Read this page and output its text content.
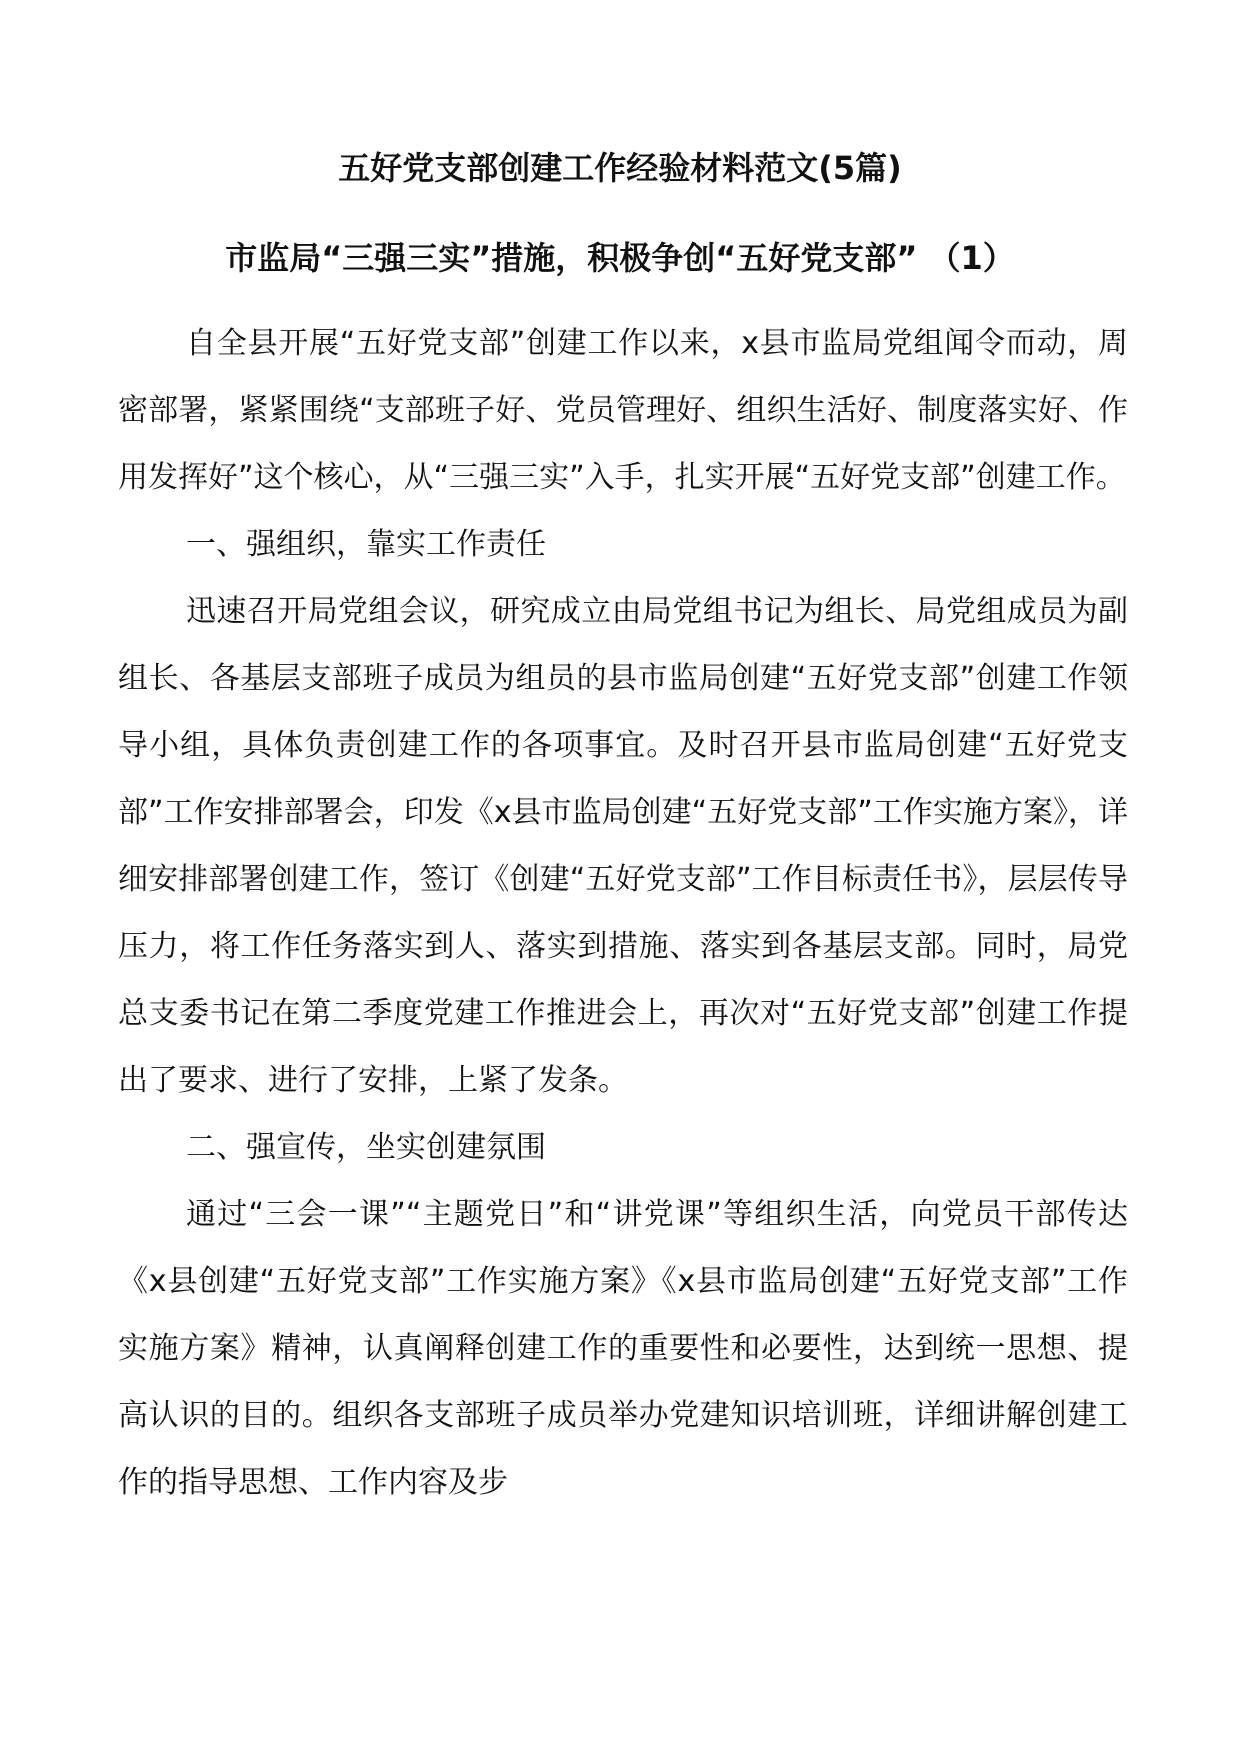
五好党支部创建工作经验材料范文(5篇)
市监局“三强三实”措施，积极争创“五好党支部” （1）

自全县开展“五好党支部”创建工作以来，x县市监局党组闻令而动，周密部署，紧紧围绕“支部班子好、党员管理好、组织生活好、制度落实好、作用发挥好”这个核心，从“三强三实”入手，扎实开展“五好党支部”创建工作。

一、强组织，靠实工作责任

迅速召开局党组会议，研究成立由局党组书记为组长、局党组成员为副组长、各基层支部班子成员为组员的县市监局创建“五好党支部”创建工作领导小组，具体负责创建工作的各项事宜。及时召开县市监局创建“五好党支部”工作安排部署会，印发《x县市监局创建“五好党支部”工作实施方案》，详细安排部署创建工作，签订《创建“五好党支部”工作目标责任书》，层层传导压力，将工作任务落实到人、落实到措施、落实到各基层支部。同时，局党总支委书记在第二季度党建工作推进会上，再次对“五好党支部”创建工作提出了要求、进行了安排，上紧了发条。

二、强宣传，坐实创建氛围

通过“三会一课”“主题党日”和“讲党课”等组织生活，向党员干部传达《x县创建“五好党支部”工作实施方案》《x县市监局创建“五好党支部”工作实施方案》精神，认真阐释创建工作的重要性和必要性，达到统一思想、提高认识的目的。组织各支部班子成员举办党建知识培训班，详细讲解创建工作的指导思想、工作内容及步
